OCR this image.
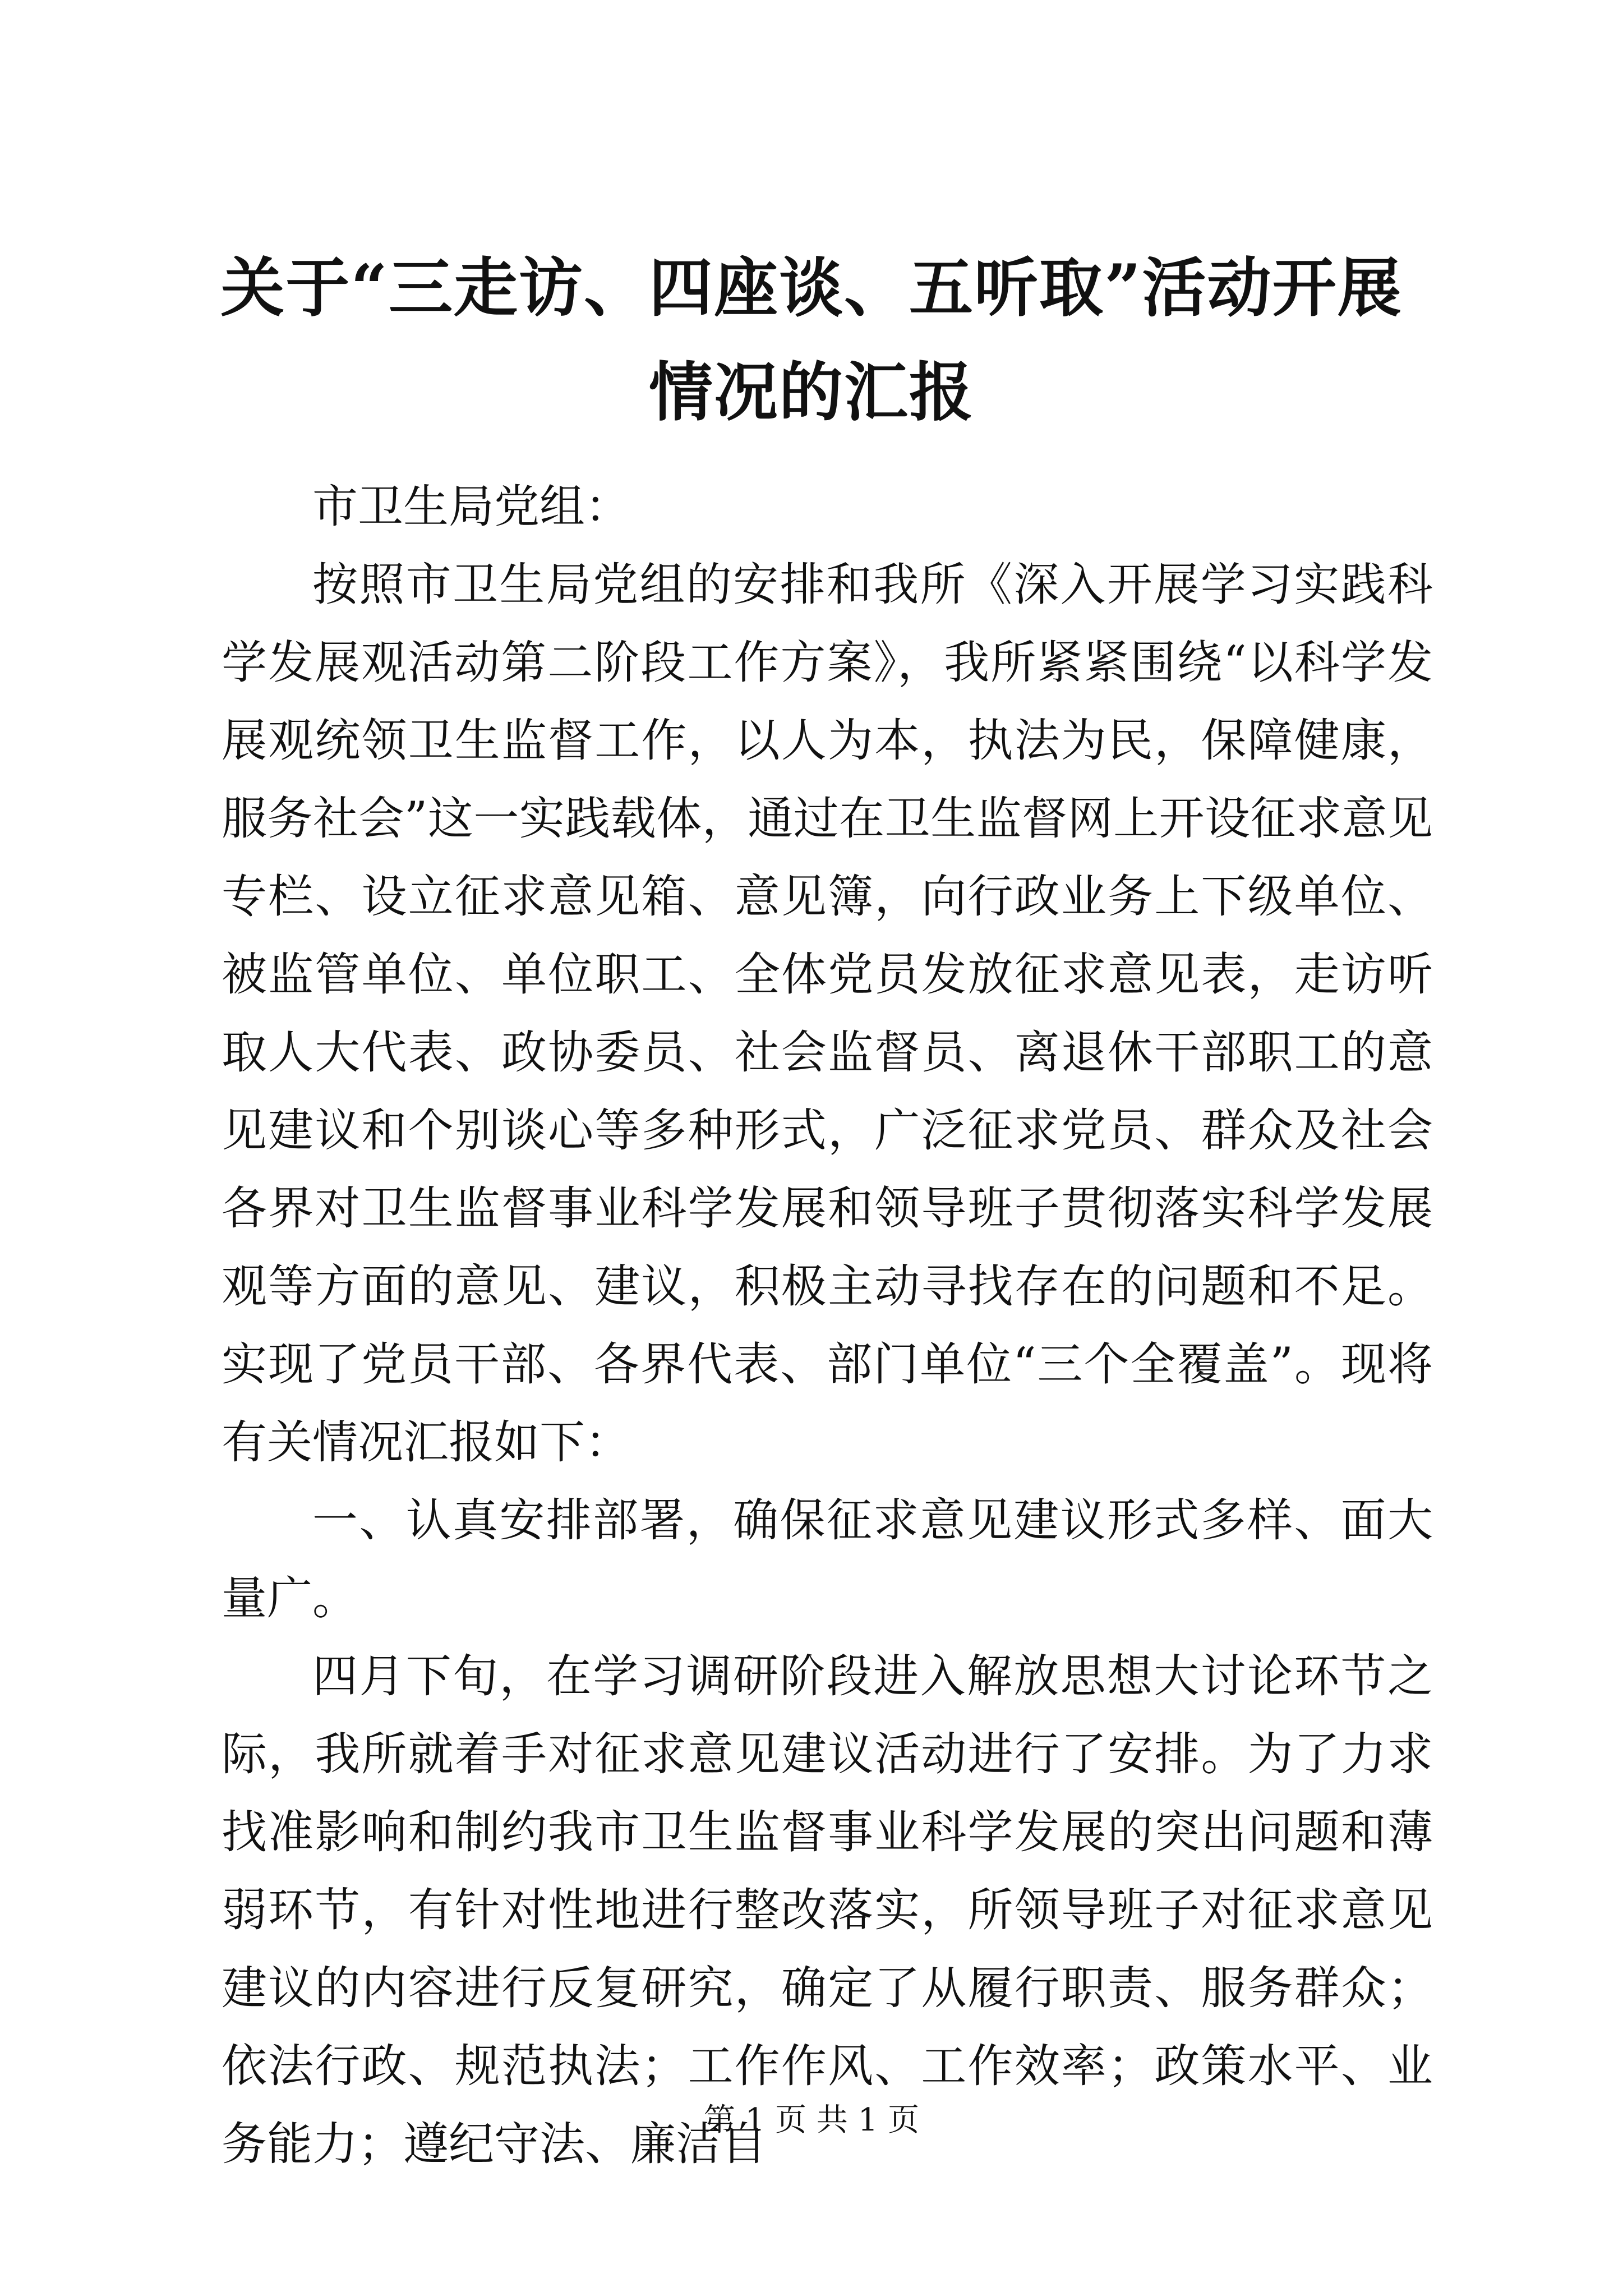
关于“三走访、四座谈、五听取”活动开展情况的汇报

市卫生局党组：

按照市卫生局党组的安排和我所《深入开展学习实践科学发展观活动第二阶段工作方案》，我所紧紧围绕“以科学发展观统领卫生监督工作，以人为本，执法为民，保障健康，服务社会”这一实践载体，通过在卫生监督网上开设征求意见专栏、设立征求意见箱、意见簿，向行政业务上下级单位、被监管单位、单位职工、全体党员发放征求意见表，走访听取人大代表、政协委员、社会监督员、离退休干部职工的意见建议和个别谈心等多种形式，广泛征求党员、群众及社会各界对卫生监督事业科学发展和领导班子贯彻落实科学发展观等方面的意见、建议，积极主动寻找存在的问题和不足。实现了党员干部、各界代表、部门单位“三个全覆盖”。现将有关情况汇报如下：

一、认真安排部署，确保征求意见建议形式多样、面大量广。

四月下旬，在学习调研阶段进入解放思想大讨论环节之际，我所就着手对征求意见建议活动进行了安排。为了力求找准影响和制约我市卫生监督事业科学发展的突出问题和薄弱环节，有针对性地进行整改落实，所领导班子对征求意见建议的内容进行反复研究，确定了从履行职责、服务群众；依法行政、规范执法；工作作风、工作效率；政策水平、业务能力；遵纪守法、廉洁自

第 1 页 共 1 页
